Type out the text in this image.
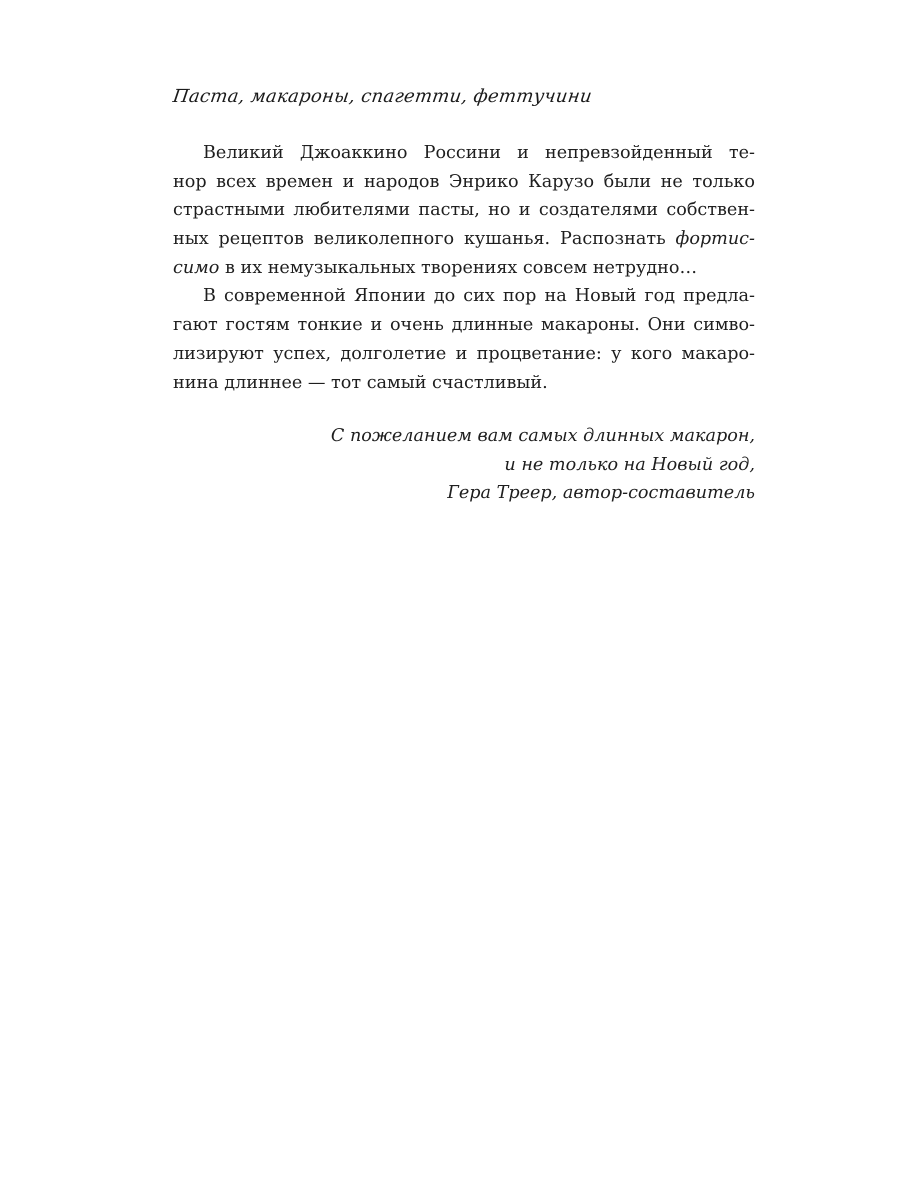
Паста, макароны, спагетти, феттучини
Великий Джоаккино Россини и непревзойденный те-
нор всех времен и народов Энрико Карузо были не только
страстными любителями пасты, но и создателями собствен-
ных рецептов великолепного кушанья. Распознать фортис-
симо в их немузыкальных творениях совсем нетрудно…
В современной Японии до сих пор на Новый год предла-
гают гостям тонкие и очень длинные макароны. Они симво-
лизируют успех, долголетие и процветание: у кого макаро-
нина длиннее — тот самый счастливый.
С пожеланием вам самых длинных макарон,
и не только на Новый год,
Гера Треер, автор-составитель
